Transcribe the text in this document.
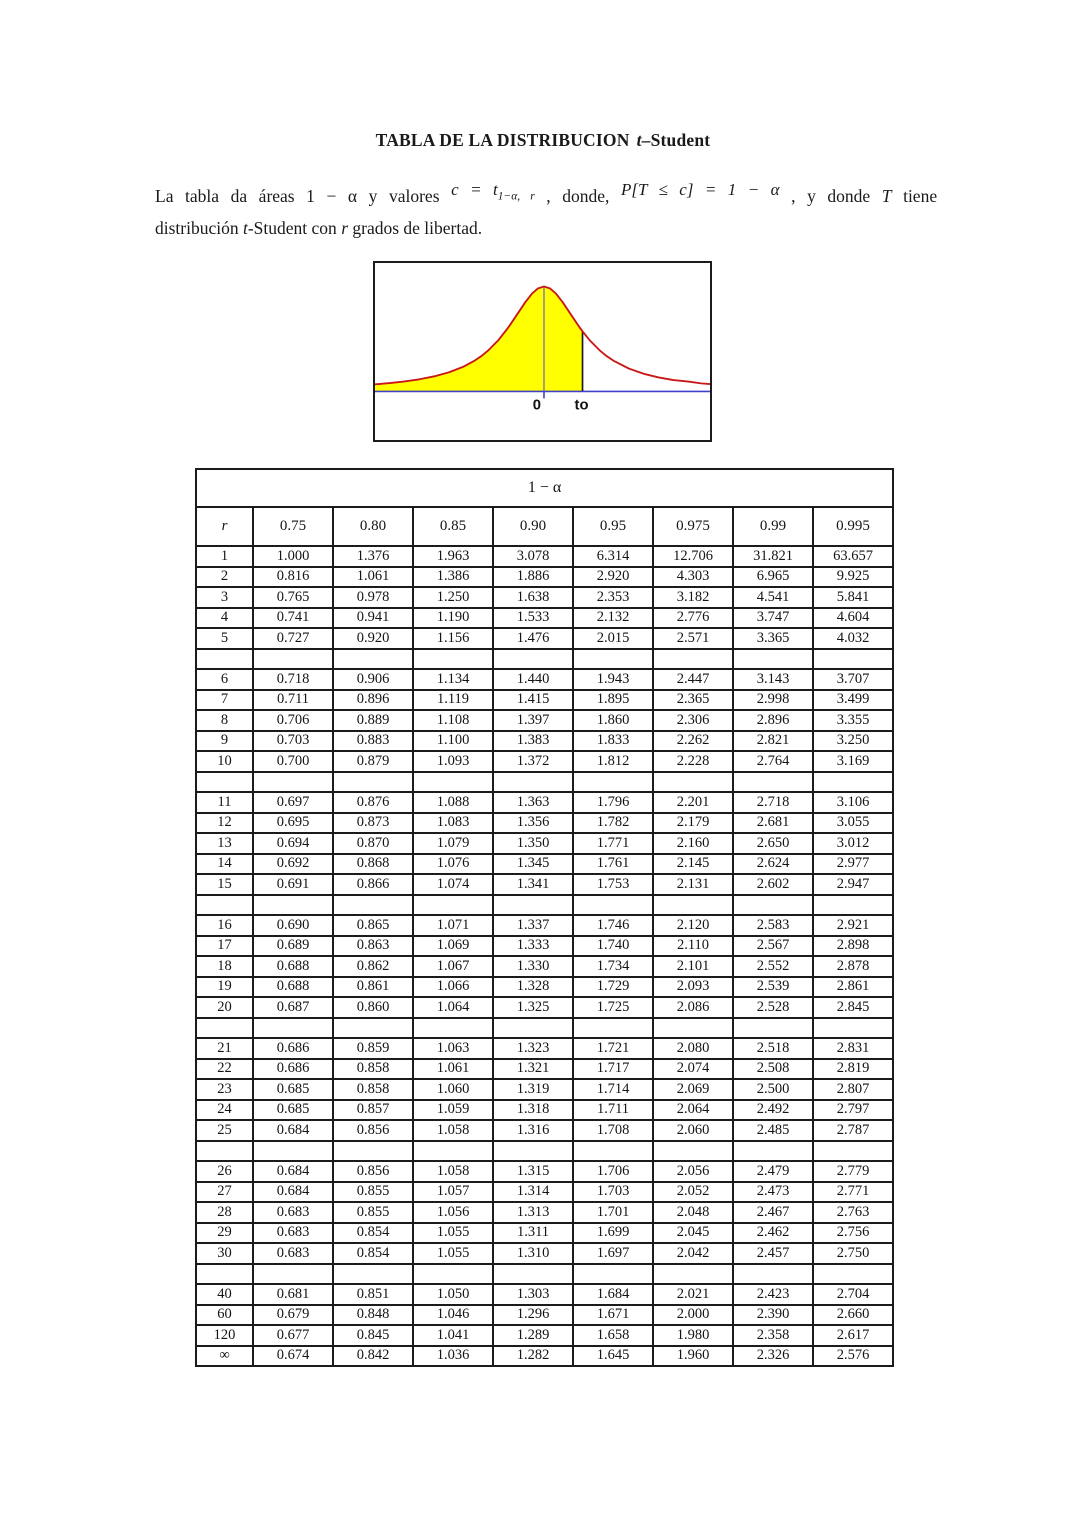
TABLA DE LA DISTRIBUCION t–Student
La tabla da áreas 1 − α y valores $c = t_{1-\alpha, r}$ , donde, P[T ≤ c] = 1 − α , y donde T tiene
distribución t-Student con r grados de libertad.
0 to
1 − α								
r	0.75	0.80	0.85	0.90	0.95	0.975	0.99	0.995
1	1.000	1.376	1.963	3.078	6.314	12.706	31.821	63.657
2	0.816	1.061	1.386	1.886	2.920	4.303	6.965	9.925
3	0.765	0.978	1.250	1.638	2.353	3.182	4.541	5.841
4	0.741	0.941	1.190	1.533	2.132	2.776	3.747	4.604
5	0.727	0.920	1.156	1.476	2.015	2.571	3.365	4.032

6	0.718	0.906	1.134	1.440	1.943	2.447	3.143	3.707
7	0.711	0.896	1.119	1.415	1.895	2.365	2.998	3.499
8	0.706	0.889	1.108	1.397	1.860	2.306	2.896	3.355
9	0.703	0.883	1.100	1.383	1.833	2.262	2.821	3.250
10	0.700	0.879	1.093	1.372	1.812	2.228	2.764	3.169

11	0.697	0.876	1.088	1.363	1.796	2.201	2.718	3.106
12	0.695	0.873	1.083	1.356	1.782	2.179	2.681	3.055
13	0.694	0.870	1.079	1.350	1.771	2.160	2.650	3.012
14	0.692	0.868	1.076	1.345	1.761	2.145	2.624	2.977
15	0.691	0.866	1.074	1.341	1.753	2.131	2.602	2.947

16	0.690	0.865	1.071	1.337	1.746	2.120	2.583	2.921
17	0.689	0.863	1.069	1.333	1.740	2.110	2.567	2.898
18	0.688	0.862	1.067	1.330	1.734	2.101	2.552	2.878
19	0.688	0.861	1.066	1.328	1.729	2.093	2.539	2.861
20	0.687	0.860	1.064	1.325	1.725	2.086	2.528	2.845

21	0.686	0.859	1.063	1.323	1.721	2.080	2.518	2.831
22	0.686	0.858	1.061	1.321	1.717	2.074	2.508	2.819
23	0.685	0.858	1.060	1.319	1.714	2.069	2.500	2.807
24	0.685	0.857	1.059	1.318	1.711	2.064	2.492	2.797
25	0.684	0.856	1.058	1.316	1.708	2.060	2.485	2.787

26	0.684	0.856	1.058	1.315	1.706	2.056	2.479	2.779
27	0.684	0.855	1.057	1.314	1.703	2.052	2.473	2.771
28	0.683	0.855	1.056	1.313	1.701	2.048	2.467	2.763
29	0.683	0.854	1.055	1.311	1.699	2.045	2.462	2.756
30	0.683	0.854	1.055	1.310	1.697	2.042	2.457	2.750

40	0.681	0.851	1.050	1.303	1.684	2.021	2.423	2.704
60	0.679	0.848	1.046	1.296	1.671	2.000	2.390	2.660
120	0.677	0.845	1.041	1.289	1.658	1.980	2.358	2.617
∞	0.674	0.842	1.036	1.282	1.645	1.960	2.326	2.576
